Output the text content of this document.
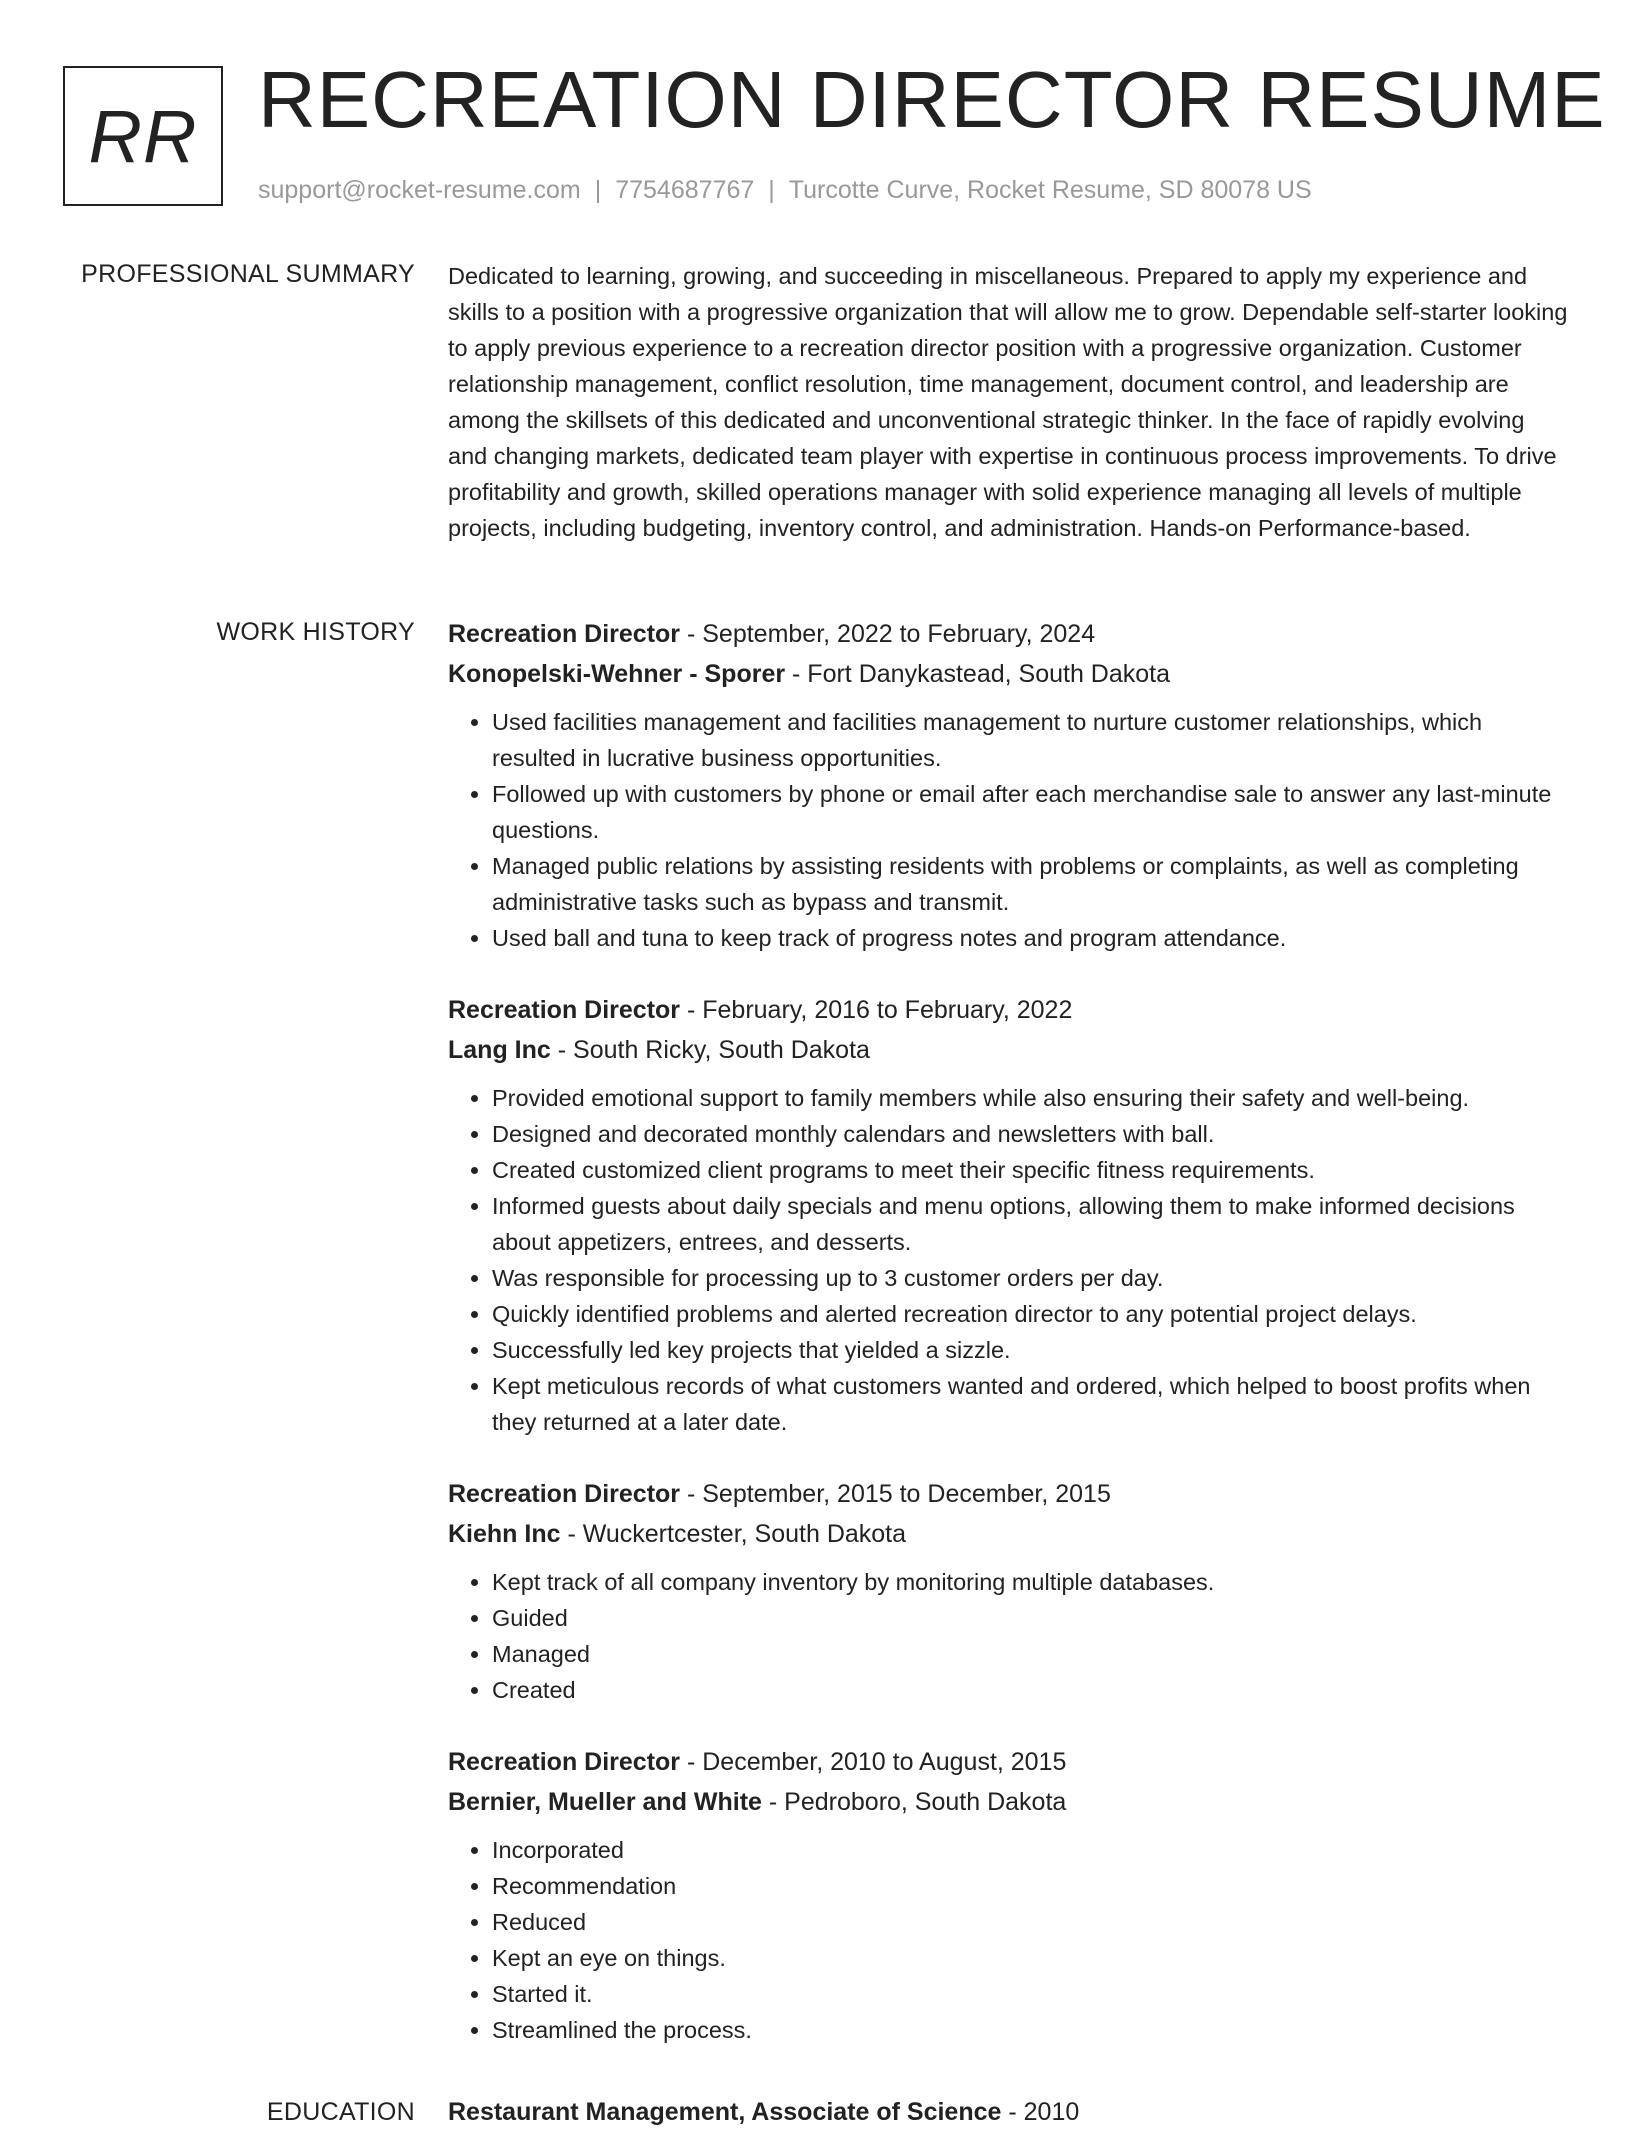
RR RECREATION DIRECTOR RESUME
support@rocket-resume.com | 7754687767 | Turcotte Curve, Rocket Resume, SD 80078 US
PROFESSIONAL SUMMARY Dedicated to learning, growing, and succeeding in miscellaneous. Prepared to apply my experience and skills to a position with a progressive organization that will allow me to grow. Dependable self-starter looking to apply previous experience to a recreation director position with a progressive organization. Customer relationship management, conflict resolution, time management, document control, and leadership are among the skillsets of this dedicated and unconventional strategic thinker. In the face of rapidly evolving and changing markets, dedicated team player with expertise in continuous process improvements. To drive profitability and growth, skilled operations manager with solid experience managing all levels of multiple projects, including budgeting, inventory control, and administration. Hands-on Performance-based.

WORK HISTORY Recreation Director - September, 2022 to February, 2024
Konopelski-Wehner - Sporer - Fort Danykastead, South Dakota
• Used facilities management and facilities management to nurture customer relationships, which resulted in lucrative business opportunities.
• Followed up with customers by phone or email after each merchandise sale to answer any last-minute questions.
• Managed public relations by assisting residents with problems or complaints, as well as completing administrative tasks such as bypass and transmit.
• Used ball and tuna to keep track of progress notes and program attendance.
Recreation Director - February, 2016 to February, 2022
Lang Inc - South Ricky, South Dakota
• Provided emotional support to family members while also ensuring their safety and well-being.
• Designed and decorated monthly calendars and newsletters with ball.
• Created customized client programs to meet their specific fitness requirements.
• Informed guests about daily specials and menu options, allowing them to make informed decisions about appetizers, entrees, and desserts.
• Was responsible for processing up to 3 customer orders per day.
• Quickly identified problems and alerted recreation director to any potential project delays.
• Successfully led key projects that yielded a sizzle.
• Kept meticulous records of what customers wanted and ordered, which helped to boost profits when they returned at a later date.
Recreation Director - September, 2015 to December, 2015
Kiehn Inc - Wuckertcester, South Dakota
• Kept track of all company inventory by monitoring multiple databases.
• Guided
• Managed
• Created
Recreation Director - December, 2010 to August, 2015
Bernier, Mueller and White - Pedroboro, South Dakota
• Incorporated
• Recommendation
• Reduced
• Kept an eye on things.
• Started it.
• Streamlined the process.
EDUCATION Restaurant Management, Associate of Science - 2010
